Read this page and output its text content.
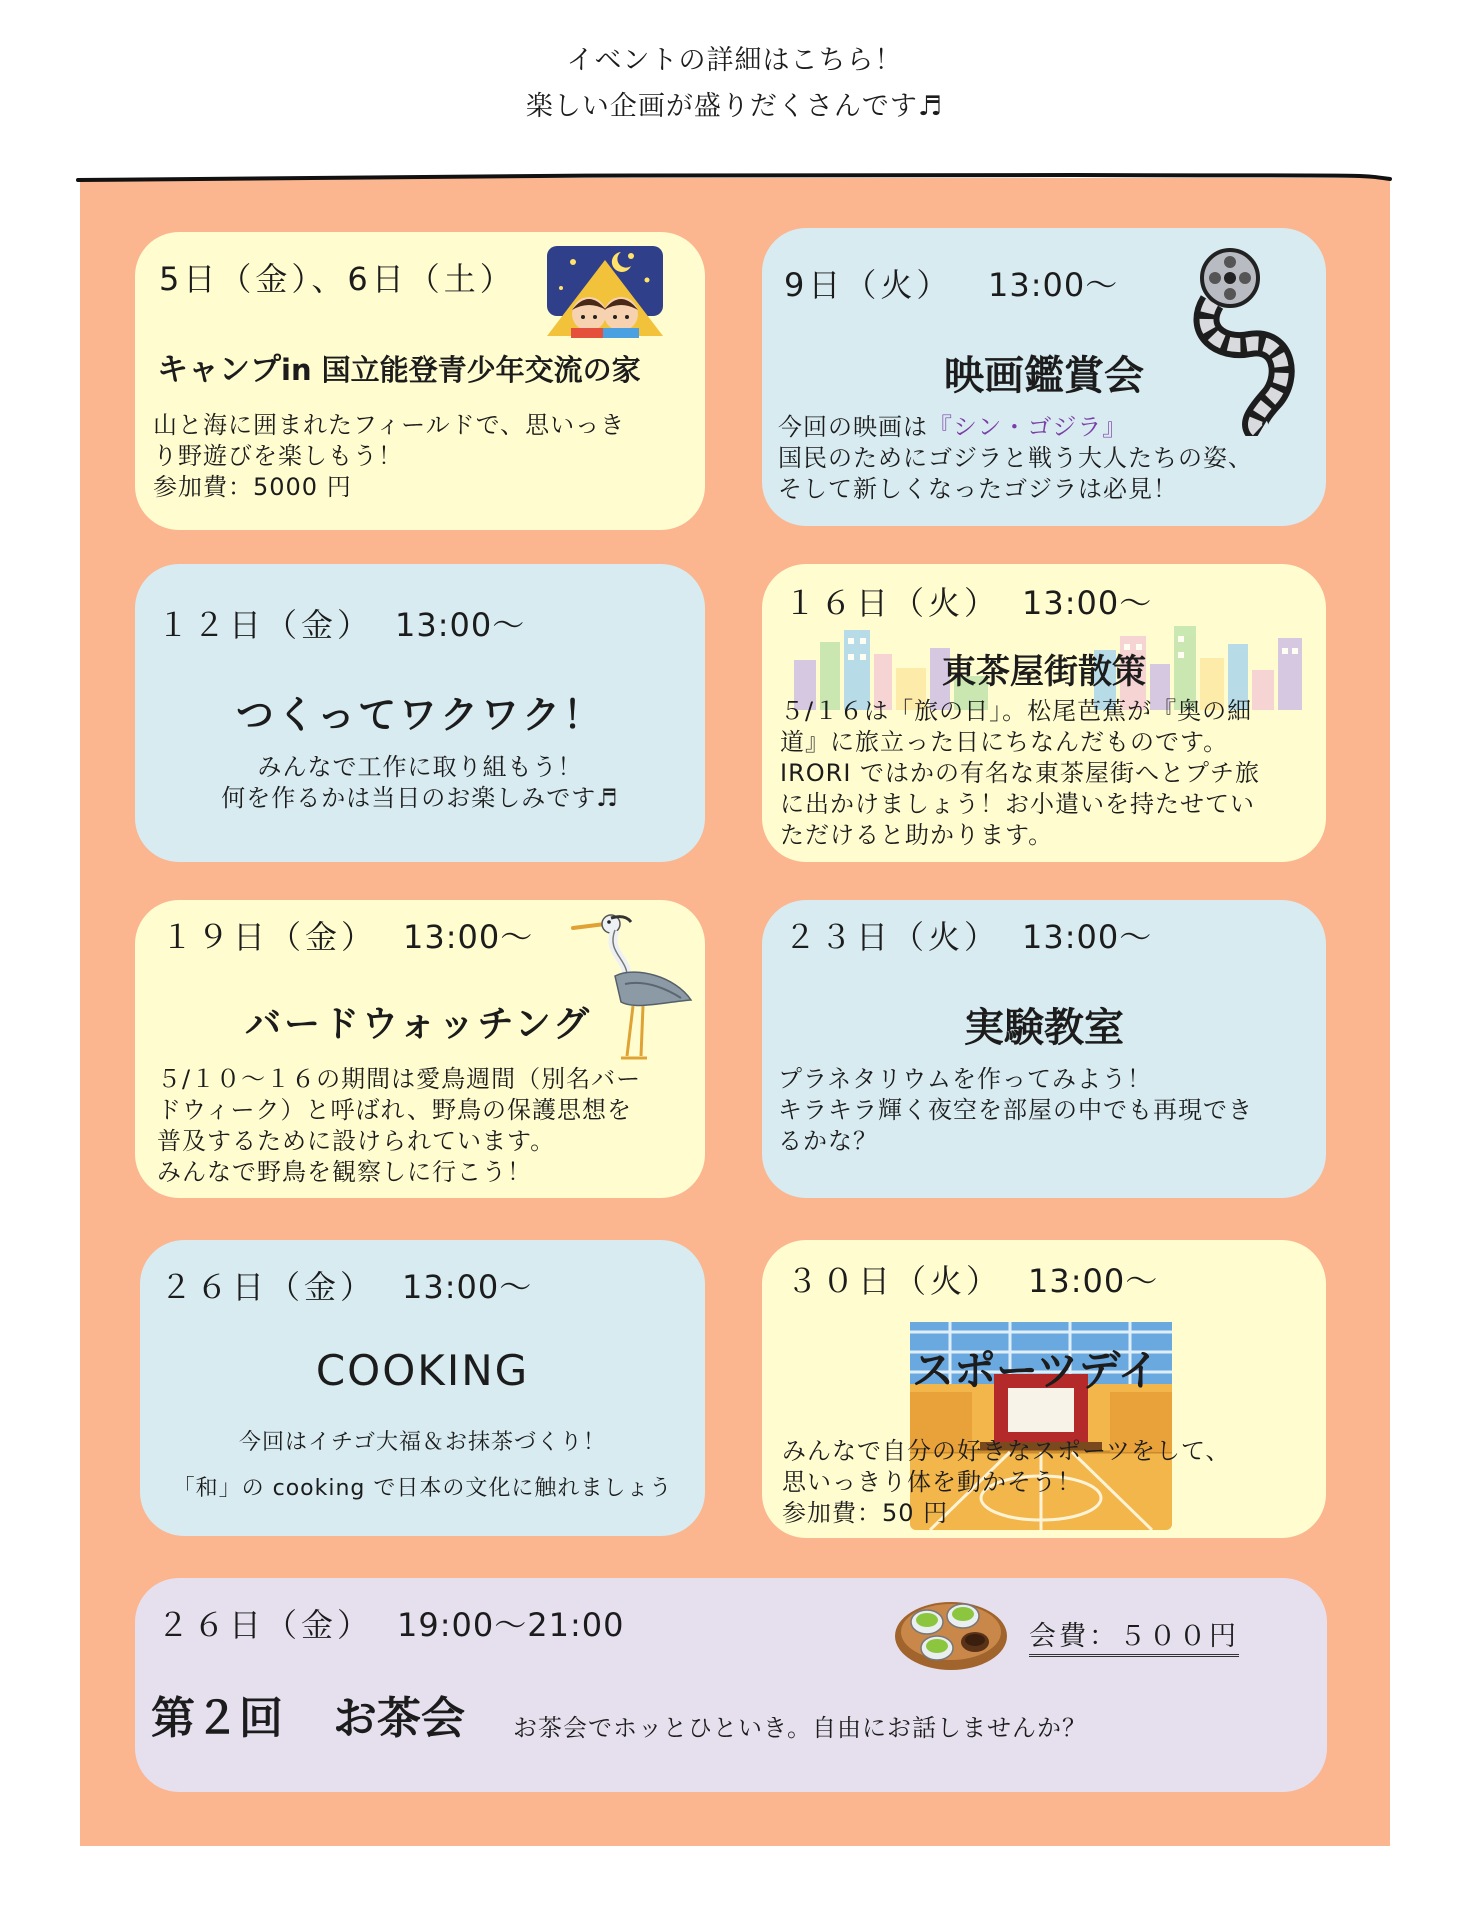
イベントの詳細はこちら！
楽しい企画が盛りだくさんです♬
5日（金）、6日（土）
キャンプin 国立能登青少年交流の家
山と海に囲まれたフィールドで、思いっき
り野遊びを楽しもう！
参加費：5000 円
9日（火） 13:00～
映画鑑賞会
今回の映画は『シン・ゴジラ』
国民のためにゴジラと戦う大人たちの姿、
そして新しくなったゴジラは必見！
１２日（金） 13:00～
つくってワクワク！
みんなで工作に取り組もう！
何を作るかは当日のお楽しみです♬
１６日（火） 13:00～
東茶屋街散策
５/１６は「旅の日」。松尾芭蕉が『奥の細
道』に旅立った日にちなんだものです。
IRORI ではかの有名な東茶屋街へとプチ旅
に出かけましょう！お小遣いを持たせてい
ただけると助かります。
１９日（金） 13:00～
バードウォッチング
５/１０～１６の期間は愛鳥週間（別名バー
ドウィーク）と呼ばれ、野鳥の保護思想を
普及するために設けられています。
みんなで野鳥を観察しに行こう！
２３日（火） 13:00～
実験教室
プラネタリウムを作ってみよう！
キラキラ輝く夜空を部屋の中でも再現でき
るかな？
２６日（金） 13:00～
COOKING
今回はイチゴ大福＆お抹茶づくり！
「和」の cooking で日本の文化に触れましょう
３０日（火） 13:00～
スポーツデイ
みんなで自分の好きなスポーツをして、
思いっきり体を動かそう！
参加費：50 円
２６日（金） 19:00～21:00	会費：５００円
第２回 お茶会 お茶会でホッとひといき。自由にお話しませんか？
